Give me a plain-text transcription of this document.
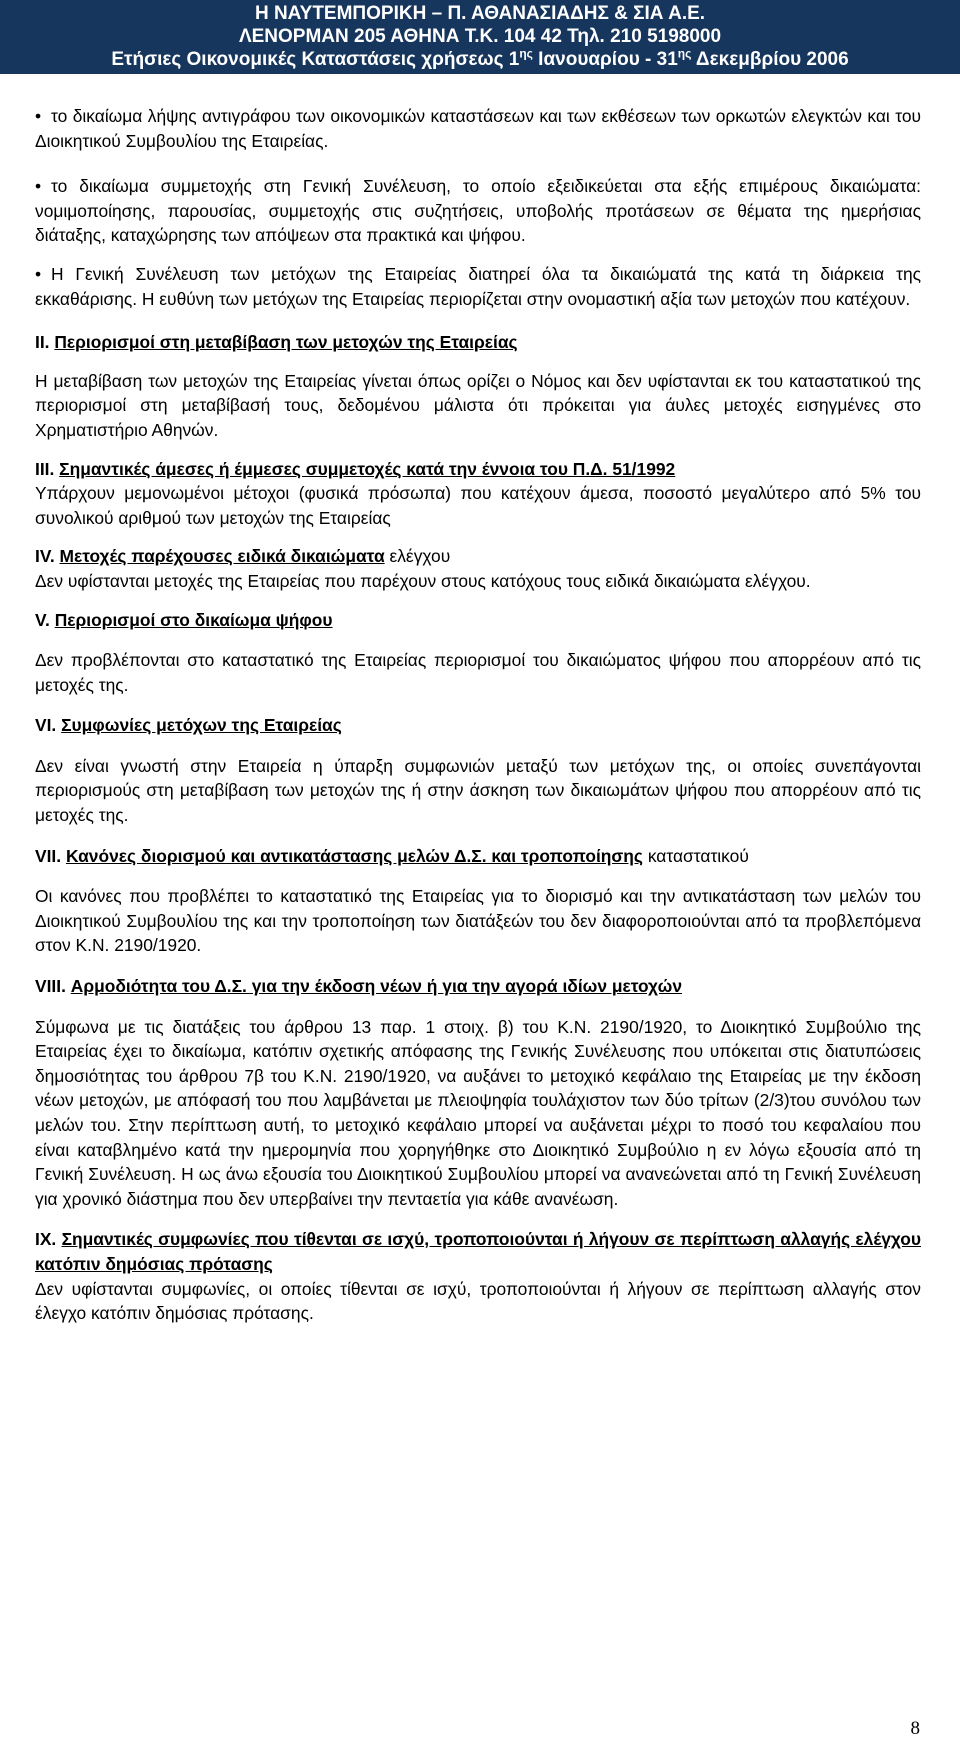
Η ΝΑΥΤΕΜΠΟΡΙΚΗ – Π. ΑΘΑΝΑΣΙΑΔΗΣ & ΣΙΑ Α.Ε.
ΛΕΝΟΡΜΑΝ 205 ΑΘΗΝΑ Τ.Κ. 104 42 Τηλ. 210 5198000
Ετήσιες Οικονομικές Καταστάσεις χρήσεως $1^{\eta\varsigma}$ Ιανουαρίου - $31^{\eta\varsigma}$ Δεκεμβρίου 2006

• το δικαίωμα λήψης αντιγράφου των οικονομικών καταστάσεων και των εκθέσεων των ορκωτών ελεγκτών και του Διοικητικού Συμβουλίου της Εταιρείας.

• το δικαίωμα συμμετοχής στη Γενική Συνέλευση, το οποίο εξειδικεύεται στα εξής επιμέρους δικαιώματα: νομιμοποίησης, παρουσίας, συμμετοχής στις συζητήσεις, υποβολής προτάσεων σε θέματα της ημερήσιας διάταξης, καταχώρησης των απόψεων στα πρακτικά και ψήφου.

• Η Γενική Συνέλευση των μετόχων της Εταιρείας διατηρεί όλα τα δικαιώματά της κατά τη διάρκεια της εκκαθάρισης. Η ευθύνη των μετόχων της Εταιρείας περιορίζεται στην ονομαστική αξία των μετοχών που κατέχουν.

II. Περιορισμοί στη μεταβίβαση των μετοχών της Εταιρείας

Η μεταβίβαση των μετοχών της Εταιρείας γίνεται όπως ορίζει ο Νόμος και δεν υφίστανται εκ του καταστατικού της περιορισμοί στη μεταβίβασή τους, δεδομένου μάλιστα ότι πρόκειται για άυλες μετοχές εισηγμένες στο Χρηματιστήριο Αθηνών.

III. Σημαντικές άμεσες ή έμμεσες συμμετοχές κατά την έννοια του Π.Δ. 51/1992

Υπάρχουν μεμονωμένοι μέτοχοι (φυσικά πρόσωπα) που κατέχουν άμεσα, ποσοστό μεγαλύτερο από 5% του συνολικού αριθμού των μετοχών της Εταιρείας

IV. Μετοχές παρέχουσες ειδικά δικαιώματα ελέγχου

Δεν υφίστανται μετοχές της Εταιρείας που παρέχουν στους κατόχους τους ειδικά δικαιώματα ελέγχου.

V. Περιορισμοί στο δικαίωμα ψήφου

Δεν προβλέπονται στο καταστατικό της Εταιρείας περιορισμοί του δικαιώματος ψήφου που απορρέουν από τις μετοχές της.

VI. Συμφωνίες μετόχων της Εταιρείας

Δεν είναι γνωστή στην Εταιρεία η ύπαρξη συμφωνιών μεταξύ των μετόχων της, οι οποίες συνεπάγονται περιορισμούς στη μεταβίβαση των μετοχών της ή στην άσκηση των δικαιωμάτων ψήφου που απορρέουν από τις μετοχές της.

VII. Κανόνες διορισμού και αντικατάστασης μελών Δ.Σ. και τροποποίησης καταστατικού

Οι κανόνες που προβλέπει το καταστατικό της Εταιρείας για το διορισμό και την αντικατάσταση των μελών του Διοικητικού Συμβουλίου της και την τροποποίηση των διατάξεών του δεν διαφοροποιούνται από τα προβλεπόμενα στον Κ.Ν. 2190/1920.

VIII. Αρμοδιότητα του Δ.Σ. για την έκδοση νέων ή για την αγορά ιδίων μετοχών

Σύμφωνα με τις διατάξεις του άρθρου 13 παρ. 1 στοιχ. β) του Κ.Ν. 2190/1920, το Διοικητικό Συμβούλιο της Εταιρείας έχει το δικαίωμα, κατόπιν σχετικής απόφασης της Γενικής Συνέλευσης που υπόκειται στις διατυπώσεις δημοσιότητας του άρθρου 7β του Κ.Ν. 2190/1920, να αυξάνει το μετοχικό κεφάλαιο της Εταιρείας με την έκδοση νέων μετοχών, με απόφασή του που λαμβάνεται με πλειοψηφία τουλάχιστον των δύο τρίτων (2/3)του συνόλου των μελών του. Στην περίπτωση αυτή, το μετοχικό κεφάλαιο μπορεί να αυξάνεται μέχρι το ποσό του κεφαλαίου που είναι καταβλημένο κατά την ημερομηνία που χορηγήθηκε στο Διοικητικό Συμβούλιο η εν λόγω εξουσία από τη Γενική Συνέλευση. Η ως άνω εξουσία του Διοικητικού Συμβουλίου μπορεί να ανανεώνεται από τη Γενική Συνέλευση για χρονικό διάστημα που δεν υπερβαίνει την πενταετία για κάθε ανανέωση.

IX. Σημαντικές συμφωνίες που τίθενται σε ισχύ, τροποποιούνται ή λήγουν σε περίπτωση αλλαγής ελέγχου κατόπιν δημόσιας πρότασης

Δεν υφίστανται συμφωνίες, οι οποίες τίθενται σε ισχύ, τροποποιούνται ή λήγουν σε περίπτωση αλλαγής στον έλεγχο κατόπιν δημόσιας πρότασης.

8
